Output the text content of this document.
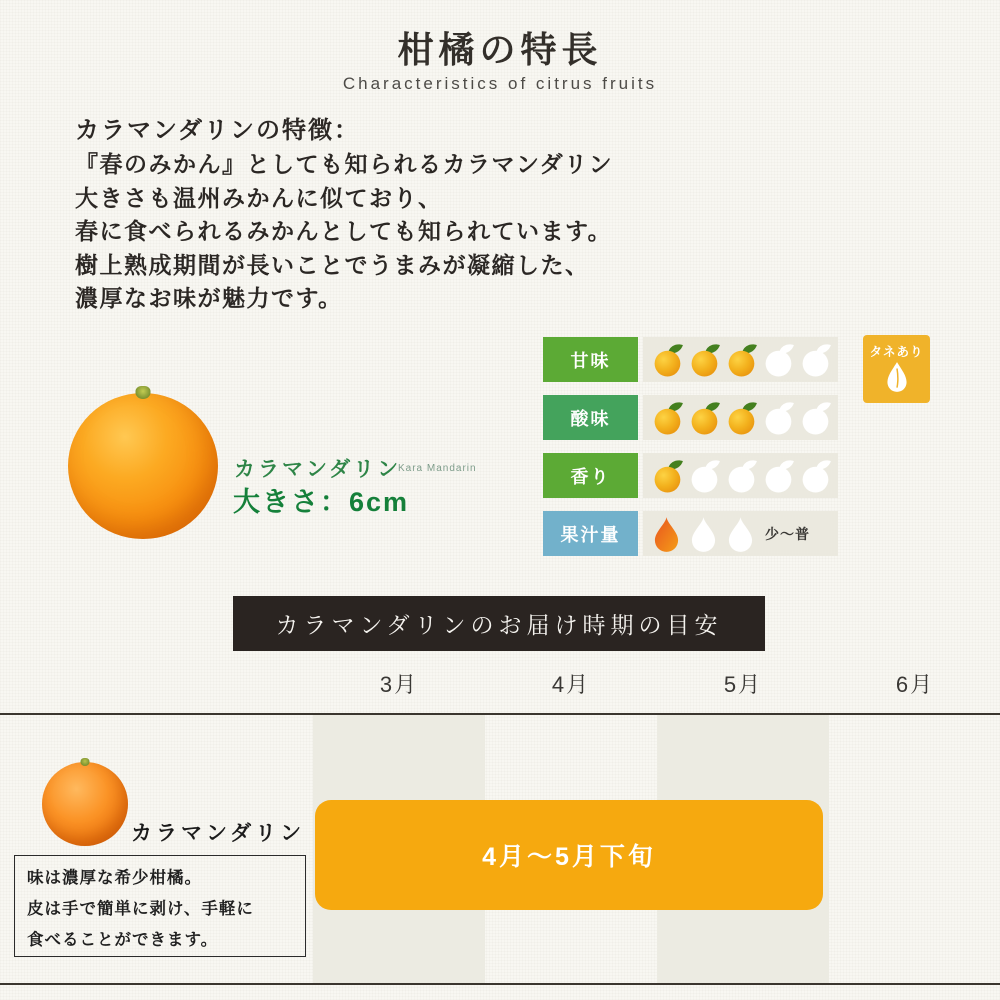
柑橘の特長
Characteristics of citrus fruits
カラマンダリンの特徴：
『春のみかん』としても知られるカラマンダリン
大きさも温州みかんに似ており、
春に食べられるみかんとしても知られています。
樹上熟成期間が長いことでうまみが凝縮した、
濃厚なお味が魅力です。
カラマンダリン
Kara Mandarin
大きさ：6cm
甘味
酸味
香り
果汁量	少〜普
タネあり
カラマンダリンのお届け時期の目安
3月	4月	5月	6月
4月〜5月下旬
カラマンダリン
味は濃厚な希少柑橘。
皮は手で簡単に剥け、手軽に
食べることができます。
